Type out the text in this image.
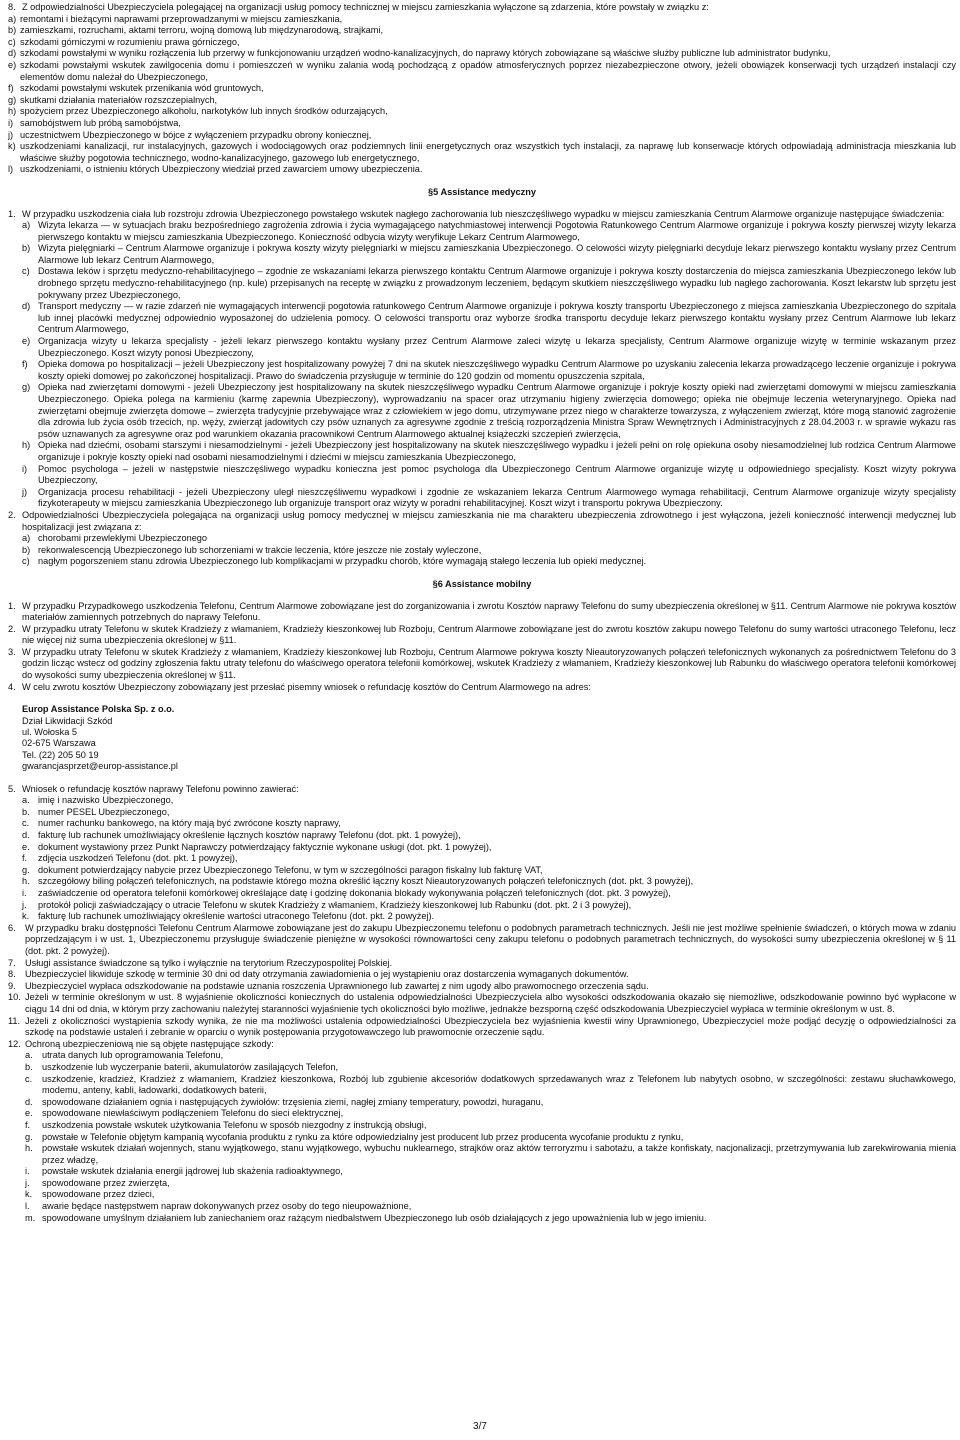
8. Z odpowiedzialności Ubezpieczyciela polegającej na organizacji usług pomocy technicznej w miejscu zamieszkania wyłączone są zdarzenia, które powstały w związku z:
a) remontami i bieżącymi naprawami przeprowadzanymi w miejscu zamieszkania,
b) zamieszkami, rozruchami, aktami terroru, wojną domową lub międzynarodową, strajkami,
c) szkodami górniczymi w rozumieniu prawa górniczego,
d) szkodami powstałymi w wyniku rozłączenia lub przerwy w funkcjonowaniu urządzeń wodno-kanalizacyjnych, do naprawy których zobowiązane są właściwe służby publiczne lub administrator budynku,
e) szkodami powstałymi wskutek zawilgocenia domu i pomieszczeń w wyniku zalania wodą pochodzącą z opadów atmosferycznych poprzez niezabezpieczone otwory, jeżeli obowiązek konserwacji tych urządzeń instalacji czy elementów domu należał do Ubezpieczonego,
f) szkodami powstałymi wskutek przenikania wód gruntowych,
g) skutkami działania materiałów rozszczepialnych,
h) spożyciem przez Ubezpieczonego alkoholu, narkotyków lub innych środków odurzających,
i) samobójstwem lub próbą samobójstwa,
j) uczestnictwem Ubezpieczonego w bójce z wyłączeniem przypadku obrony koniecznej,
k) uszkodzeniami kanalizacji, rur instalacyjnych, gazowych i wodociągowych oraz podziemnych linii energetycznych oraz wszystkich tych instalacji, za naprawę lub konserwacje których odpowiadają administracja mieszkania lub właściwe służby pogotowia technicznego, wodno-kanalizacyjnego, gazowego lub energetycznego,
l) uszkodzeniami, o istnieniu których Ubezpieczony wiedział przed zawarciem umowy ubezpieczenia.
§5 Assistance medyczny
1. W przypadku uszkodzenia ciała lub rozstroju zdrowia Ubezpieczonego powstałego wskutek nagłego zachorowania lub nieszczęśliwego wypadku w miejscu zamieszkania Centrum Alarmowe organizuje następujące świadczenia:
a) Wizyta lekarza — w sytuacjach braku bezpośredniego zagrożenia zdrowia i życia wymagającego natychmiastowej interwencji Pogotowia Ratunkowego Centrum Alarmowe organizuje i pokrywa koszty pierwszej wizyty lekarza pierwszego kontaktu w miejscu zamieszkania Ubezpieczonego. Konieczność odbycia wizyty weryfikuje Lekarz Centrum Alarmowego,
b) Wizyta pielęgniarki – Centrum Alarmowe organizuje i pokrywa koszty wizyty pielęgniarki w miejscu zamieszkania Ubezpieczonego. O celowości wizyty pielęgniarki decyduje lekarz pierwszego kontaktu wysłany przez Centrum Alarmowe lub lekarz Centrum Alarmowego,
c) Dostawa leków i sprzętu medyczno-rehabilitacyjnego – zgodnie ze wskazaniami lekarza pierwszego kontaktu Centrum Alarmowe organizuje i pokrywa koszty dostarczenia do miejsca zamieszkania Ubezpieczonego leków lub drobnego sprzętu medyczno-rehabilitacyjnego (np. kule) przepisanych na receptę w związku z prowadzonym leczeniem, będącym skutkiem nieszczęśliwego wypadku lub nagłego zachorowania. Koszt lekarstw lub sprzętu jest pokrywany przez Ubezpieczonego,
d) Transport medyczny — w razie zdarzeń nie wymagających interwencji pogotowia ratunkowego Centrum Alarmowe organizuje i pokrywa koszty transportu Ubezpieczonego z miejsca zamieszkania Ubezpieczonego do szpitala lub innej placówki medycznej odpowiednio wyposażonej do udzielenia pomocy. O celowości transportu oraz wyborze środka transportu decyduje lekarz pierwszego kontaktu wysłany przez Centrum Alarmowe lub lekarz Centrum Alarmowego,
e) Organizacja wizyty u lekarza specjalisty - jeżeli lekarz pierwszego kontaktu wysłany przez Centrum Alarmowe zaleci wizytę u lekarza specjalisty, Centrum Alarmowe organizuje wizytę w terminie wskazanym przez Ubezpieczonego. Koszt wizyty ponosi Ubezpieczony,
f)	Opieka domowa po hospitalizacji – jeżeli Ubezpieczony jest hospitalizowany powyżej 7 dni na skutek nieszczęśliwego wypadku Centrum Alarmowe po uzyskaniu zalecenia lekarza prowadzącego leczenie organizuje i pokrywa koszty opieki domowej po zakończonej hospitalizacji. Prawo do świadczenia przysługuje w terminie do 120 godzin od momentu opuszczenia szpitala,
g) Opieka nad zwierzętami domowymi - jeżeli Ubezpieczony jest hospitalizowany na skutek nieszczęśliwego wypadku Centrum Alarmowe organizuje i pokryje koszty opieki nad zwierzętami domowymi w miejscu zamieszkania Ubezpieczonego. Opieka polega na karmieniu (karmę zapewnia Ubezpieczony), wyprowadzaniu na spacer oraz utrzymaniu higieny zwierzęcia domowego; opieka nie obejmuje leczenia weterynaryjnego. Opieka nad zwierzętami obejmuje zwierzęta domowe – zwierzęta tradycyjnie przebywające wraz z człowiekiem w jego domu, utrzymywane przez niego w charakterze towarzysza, z wyłączeniem zwierząt, które mogą stanowić zagrożenie dla zdrowia lub życia osób trzecich, np. węży, zwierząt jadowitych czy psów uznanych za agresywne zgodnie z treścią rozporządzenia Ministra Spraw Wewnętrznych i Administracyjnych z 28.04.2003 r. w sprawie wykazu ras psów uznawanych za agresywne oraz pod warunkiem okazania pracownikowi Centrum Alarmowego aktualnej książeczki szczepień zwierzęcia,
h) Opieka nad dziećmi, osobami starszymi i niesamodzielnymi - jeżeli Ubezpieczony jest hospitalizowany na skutek nieszczęśliwego wypadku i jeżeli pełni on rolę opiekuna osoby niesamodzielnej lub rodzica Centrum Alarmowe organizuje i pokryje koszty opieki nad osobami niesamodzielnymi i dziećmi w miejscu zamieszkania Ubezpieczonego,
i)	Pomoc psychologa – jeżeli w następstwie nieszczęśliwego wypadku konieczna jest pomoc psychologa dla Ubezpieczonego Centrum Alarmowe organizuje wizytę u odpowiedniego specjalisty. Koszt wizyty pokrywa Ubezpieczony,
j)	Organizacja procesu rehabilitacji - jeżeli Ubezpieczony uległ nieszczęśliwemu wypadkowi i zgodnie ze wskazaniem lekarza Centrum Alarmowego wymaga rehabilitacji, Centrum Alarmowe organizuje wizyty specjalisty fizykoterapeuty w miejscu zamieszkania Ubezpieczonego lub organizuje transport oraz wizyty w poradni rehabilitacyjnej. Koszt wizyt i transportu pokrywa Ubezpieczony.
2. Odpowiedzialności Ubezpieczyciela polegająca na organizacji usług pomocy medycznej w miejscu zamieszkania nie ma charakteru ubezpieczenia zdrowotnego i jest wyłączona, jeżeli konieczność interwencji medycznej lub hospitalizacji jest związana z:
a) chorobami przewlekłymi Ubezpieczonego
b) rekonwalescencją Ubezpieczonego lub schorzeniami w trakcie leczenia, które jeszcze nie zostały wyleczone,
c) nagłym pogorszeniem stanu zdrowia Ubezpieczonego lub komplikacjami w przypadku chorób, które wymagają stałego leczenia lub opieki medycznej.
§6 Assistance mobilny
1. W przypadku Przypadkowego uszkodzenia Telefonu, Centrum Alarmowe zobowiązane jest do zorganizowania i zwrotu Kosztów naprawy Telefonu do sumy ubezpieczenia określonej w §11. Centrum Alarmowe nie pokrywa kosztów materiałów zamiennych potrzebnych do naprawy Telefonu.
2. W przypadku utraty Telefonu w skutek Kradzieży z włamaniem, Kradzieży kieszonkowej lub Rozboju, Centrum Alarmowe zobowiązane jest do zwrotu kosztów zakupu nowego Telefonu do sumy wartości utraconego Telefonu, lecz nie więcej niż suma ubezpieczenia określonej w §11.
3. W przypadku utraty Telefonu w skutek Kradzieży z włamaniem, Kradzieży kieszonkowej lub Rozboju, Centrum Alarmowe pokrywa koszty Nieautoryzowanych połączeń telefonicznych wykonanych za pośrednictwem Telefonu do 3 godzin licząc wstecz od godziny zgłoszenia faktu utraty telefonu do właściwego operatora telefonii komórkowej, wskutek Kradzieży z włamaniem, Kradzieży kieszonkowej lub Rabunku do właściwego operatora telefonii komórkowej do wysokości sumy ubezpieczenia określonej w §11.
4. W celu zwrotu kosztów Ubezpieczony zobowiązany jest przesłać pisemny wniosek o refundację kosztów do Centrum Alarmowego na adres:
Europ Assistance Polska Sp. z o.o.
Dział Likwidacji Szkód
ul. Wołoska 5
02-675 Warszawa
Tel. (22) 205 50 19
gwarancjasprzet@europ-assistance.pl
5. Wniosek o refundację kosztów naprawy Telefonu powinno zawierać:
a. imię i nazwisko Ubezpieczonego,
b. numer PESEL Ubezpieczonego,
c. numer rachunku bankowego, na który mają być zwrócone koszty naprawy,
d. fakturę lub rachunek umożliwiający określenie łącznych kosztów naprawy Telefonu (dot. pkt. 1 powyżej),
e. dokument wystawiony przez Punkt Naprawczy potwierdzający faktycznie wykonane usługi (dot. pkt. 1 powyżej),
f.	zdjęcia uszkodzeń Telefonu (dot. pkt. 1 powyżej),
g. dokument potwierdzający nabycie przez Ubezpieczonego Telefonu, w tym w szczególności paragon fiskalny lub fakturę VAT,
h. szczegółowy biling połączeń telefonicznych, na podstawie którego można określić łączny koszt Nieautoryzowanych połączeń telefonicznych (dot. pkt. 3 powyżej),
i.	zaświadczenie od operatora telefonii komórkowej określające datę i godzinę dokonania blokady wykonywania połączeń telefonicznych (dot. pkt. 3 powyżej),
j.	protokół policji zaświadczający o utracie Telefonu w skutek Kradzieży z włamaniem, Kradzieży kieszonkowej lub Rabunku (dot. pkt. 2 i 3 powyżej),
k. fakturę lub rachunek umożliwiający określenie wartości utraconego Telefonu (dot. pkt. 2 powyżej).
6.	W przypadku braku dostępności Telefonu Centrum Alarmowe zobowiązane jest do zakupu Ubezpieczonemu telefonu o podobnych parametrach technicznych. Jeśli nie jest możliwe spełnienie świadczeń, o których mowa w zdaniu poprzedzającym i w ust. 1, Ubezpieczonemu przysługuje świadczenie pieniężne w wysokości równowartości ceny zakupu telefonu o podobnych parametrach technicznych, do wysokości sumy ubezpieczenia określonej w § 11 (dot. pkt. 2 powyżej).
7.	Usługi assistance świadczone są tylko i wyłącznie na terytorium Rzeczypospolitej Polskiej.
8.	Ubezpieczyciel likwiduje szkodę w terminie 30 dni od daty otrzymania zawiadomienia o jej wystąpieniu oraz dostarczenia wymaganych dokumentów.
9.	Ubezpieczyciel wypłaca odszkodowanie na podstawie uznania roszczenia Uprawnionego lub zawartej z nim ugody albo prawomocnego orzeczenia sądu.
10. Jeżeli w terminie określonym w ust. 8 wyjaśnienie okoliczności koniecznych do ustalenia odpowiedzialności Ubezpieczyciela albo wysokości odszkodowania okazało się niemożliwe, odszkodowanie powinno być wypłacone w ciągu 14 dni od dnia, w którym przy zachowaniu należytej staranności wyjaśnienie tych okoliczności było możliwe, jednakże bezsporną część odszkodowania Ubezpieczyciel wypłaca w terminie określonym w ust. 8.
11. Jeżeli z okoliczności wystąpienia szkody wynika, że nie ma możliwości ustalenia odpowiedzialności Ubezpieczyciela bez wyjaśnienia kwestii winy Uprawnionego, Ubezpieczyciel może podjąć decyzję o odpowiedzialności za szkodę na podstawie ustaleń i zebranie w oparciu o wynik postępowania przygotowawczego lub prawomocnie orzeczenie sądu.
12. Ochroną ubezpieczeniową nie są objęte następujące szkody:
a.	utrata danych lub oprogramowania Telefonu,
b.	uszkodzenie lub wyczerpanie baterii, akumulatorów zasilających Telefon,
c.	uszkodzenie, kradzież, Kradzież z włamaniem, Kradzież kieszonkowa, Rozbój lub zgubienie akcesoriów dodatkowych sprzedawanych wraz z Telefonem lub nabytych osobno, w szczególności: zestawu słuchawkowego, modemu, anteny, kabli, ładowarki, dodatkowych baterii,
d.	spowodowane działaniem ognia i następujących żywiołów: trzęsienia ziemi, nagłej zmiany temperatury, powodzi, huraganu,
e.	spowodowane niewłaściwym podłączeniem Telefonu do sieci elektrycznej,
f.	uszkodzenia powstałe wskutek użytkowania Telefonu w sposób niezgodny z instrukcją obsługi,
g.	powstałe w Telefonie objętym kampanią wycofania produktu z rynku za które odpowiedzialny jest producent lub przez producenta wycofanie produktu z rynku,
h.	powstałe wskutek działań wojennych, stanu wyjątkowego, stanu wyjątkowego, wybuchu nuklearnego, strajków oraz aktów terroryzmu i sabotażu, a także konfiskaty, nacjonalizacji, przetrzymywania lub zarekwirowania mienia przez władzę,
i.	powstałe wskutek działania energii jądrowej lub skażenia radioaktywnego,
j.	spowodowane przez zwierzęta,
k.	spowodowane przez dzieci,
l.	awarie będące następstwem napraw dokonywanych przez osoby do tego nieupoważnione,
m. spowodowane umyślnym działaniem lub zaniechaniem oraz rażącym niedbalstwem Ubezpieczonego lub osób działających z jego upoważnienia lub w jego imieniu.
3/7
